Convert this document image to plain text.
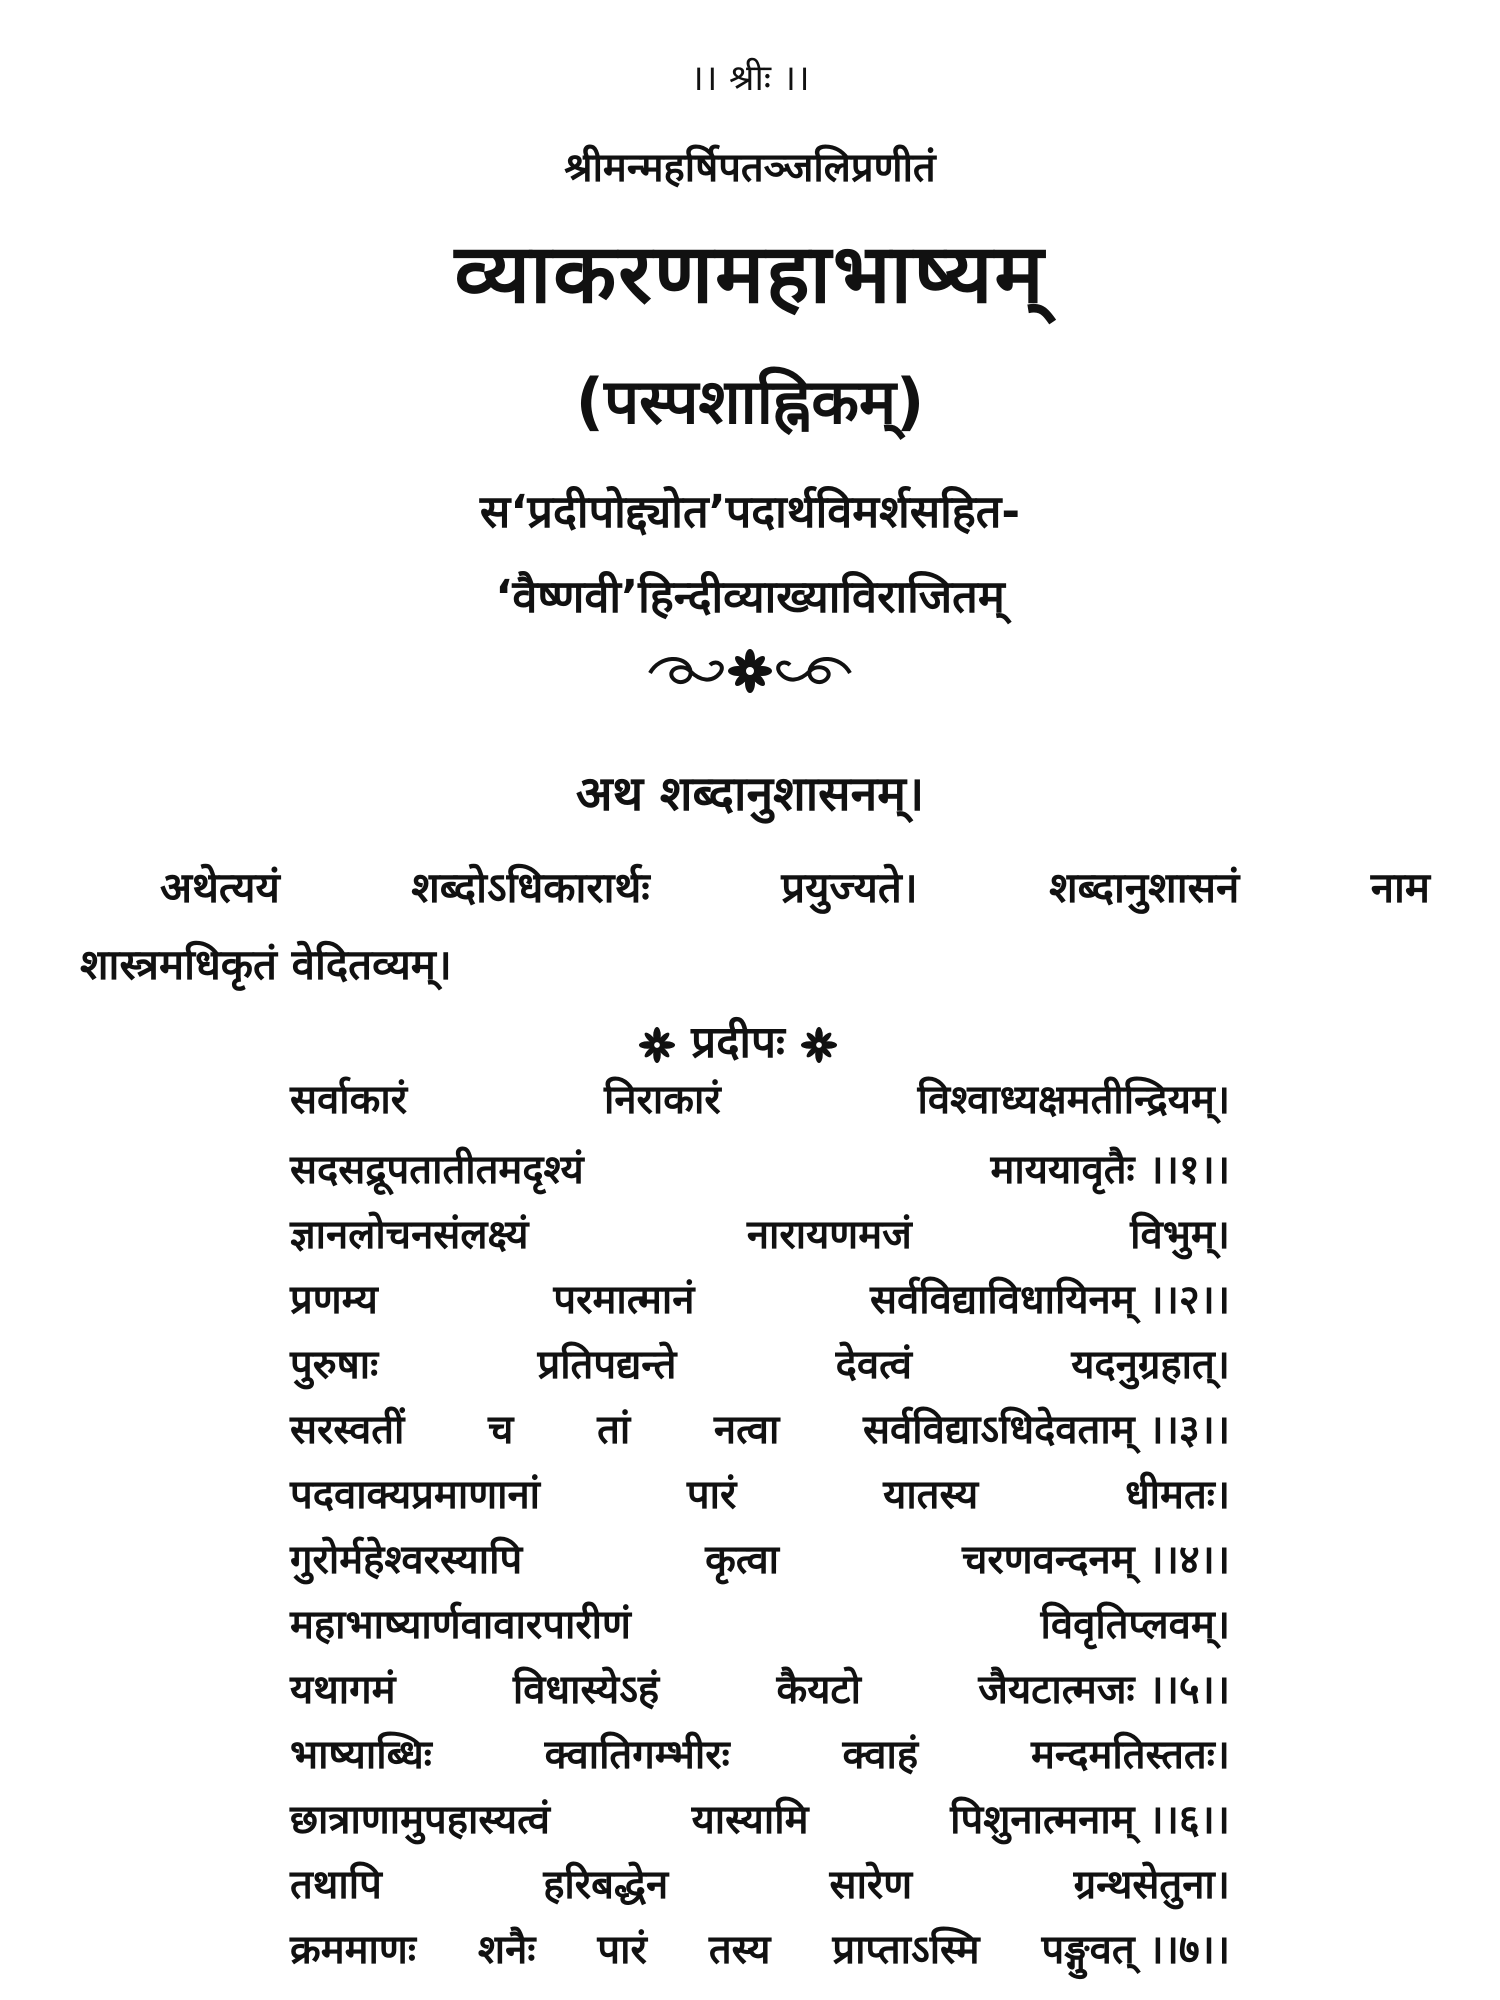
।। श्रीः ।।
श्रीमन्महर्षिपतञ्जलिप्रणीतं
व्याकरणमहाभाष्यम्
(पस्पशाह्निकम्)
स‘प्रदीपोद्द्योत’पदार्थविमर्शसहित-
‘वैष्णवी’हिन्दीव्याख्याविराजितम्
अथ शब्दानुशासनम्।
अथेत्ययं	शब्दोऽधिकारार्थः	प्रयुज्यते।	शब्दानुशासनं	नाम
शास्त्रमधिकृतं वेदितव्यम्।
प्रदीपः
सर्वाकारं	निराकारं	विश्वाध्यक्षमतीन्द्रियम्।
सदसद्रूपतातीतमदृश्यं	माययावृतैः ।।१।।
ज्ञानलोचनसंलक्ष्यं	नारायणमजं	विभुम्।
प्रणम्य	परमात्मानं	सर्वविद्याविधायिनम् ।।२।।
पुरुषाः	प्रतिपद्यन्ते	देवत्वं	यदनुग्रहात्।
सरस्वतीं च तां नत्वा सर्वविद्याऽधिदेवताम् ।।३।।
पदवाक्यप्रमाणानां	पारं	यातस्य	धीमतः।
गुरोर्महेश्वरस्यापि	कृत्वा	चरणवन्दनम् ।।४।।
महाभाष्यार्णवावारपारीणं	विवृतिप्लवम्।
यथागमं	विधास्येऽहं	कैयटो	जैयटात्मजः ।।५।।
भाष्याब्धिः	क्वातिगम्भीरः	क्वाहं	मन्दमतिस्ततः।
छात्राणामुपहास्यत्वं	यास्यामि	पिशुनात्मनाम् ।।६।।
तथापि	हरिबद्धेन	सारेण	ग्रन्थसेतुना।
क्रममाणः शनैः पारं तस्य प्राप्ताऽस्मि पङ्गुवत् ।।७।।
